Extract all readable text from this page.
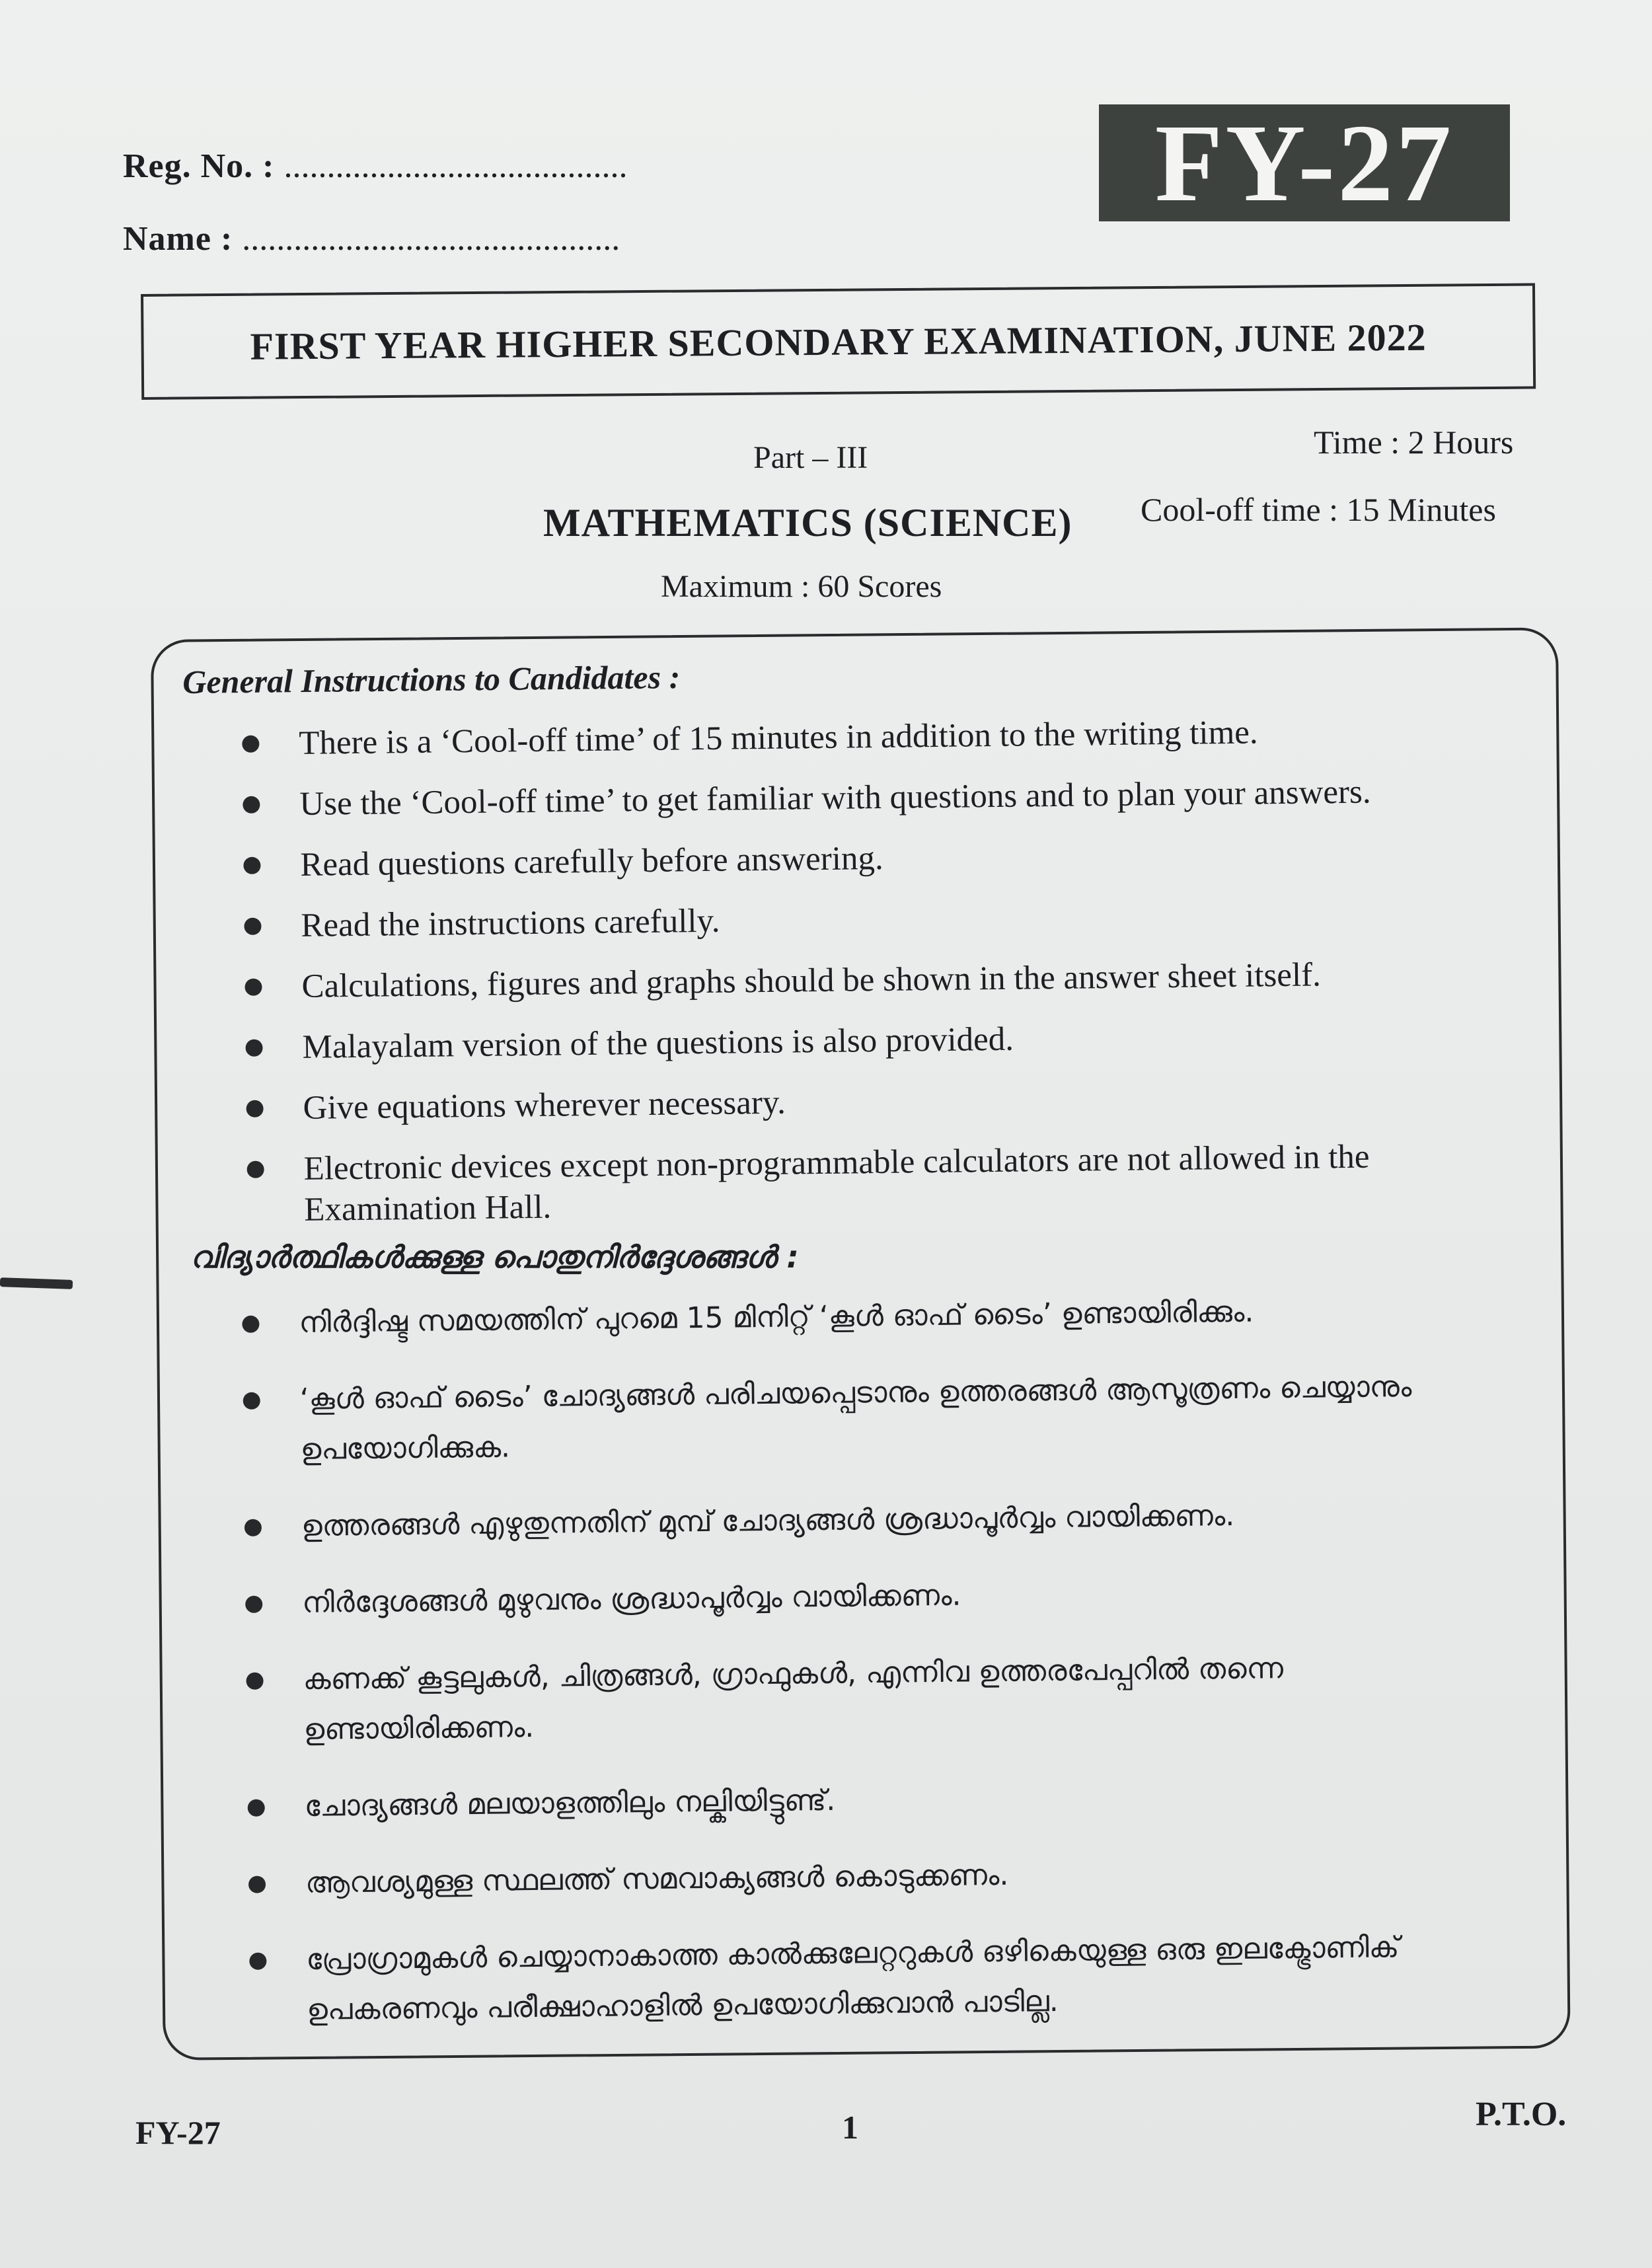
Reg. No. : ........................................
Name : ............................................
FY-27
FIRST YEAR HIGHER SECONDARY EXAMINATION, JUNE 2022
Part – III	Time : 2 Hours
MATHEMATICS (SCIENCE) Cool-off time : 15 Minutes
Maximum : 60 Scores
General Instructions to Candidates :
There is a ‘Cool-off time’ of 15 minutes in addition to the writing time.
Use the ‘Cool-off time’ to get familiar with questions and to plan your answers.
Read questions carefully before answering.
Read the instructions carefully.
Calculations, figures and graphs should be shown in the answer sheet itself.
Malayalam version of the questions is also provided.
Give equations wherever necessary.
Electronic devices except non-programmable calculators are not allowed in the Examination Hall.
വിദ്യാർത്ഥികൾക്കുള്ള പൊതുനിർദ്ദേശങ്ങൾ :
നിർദ്ദിഷ്ട സമയത്തിന് പുറമെ 15 മിനിറ്റ് ‘കൂൾ ഓഫ് ടൈം’ ഉണ്ടായിരിക്കും.
‘കൂൾ ഓഫ് ടൈം’ ചോദ്യങ്ങൾ പരിചയപ്പെടാനും ഉത്തരങ്ങൾ ആസൂത്രണം ചെയ്യാനും ഉപയോഗിക്കുക.
ഉത്തരങ്ങൾ എഴുതുന്നതിന് മുമ്പ് ചോദ്യങ്ങൾ ശ്രദ്ധാപൂർവ്വം വായിക്കണം.
നിർദ്ദേശങ്ങൾ മുഴുവനും ശ്രദ്ധാപൂർവ്വം വായിക്കണം.
കണക്ക് കൂട്ടലുകൾ, ചിത്രങ്ങൾ, ഗ്രാഫുകൾ, എന്നിവ ഉത്തരപേപ്പറിൽ തന്നെ ഉണ്ടായിരിക്കണം.
ചോദ്യങ്ങൾ മലയാളത്തിലും നല്കിയിട്ടുണ്ട്.
ആവശ്യമുള്ള സ്ഥലത്ത് സമവാക്യങ്ങൾ കൊടുക്കണം.
പ്രോഗ്രാമുകൾ ചെയ്യാനാകാത്ത കാൽക്കുലേറ്ററുകൾ ഒഴികെയുള്ള ഒരു ഇലക്ട്രോണിക് ഉപകരണവും പരീക്ഷാഹാളിൽ ഉപയോഗിക്കുവാൻ പാടില്ല.
FY-27	1	P.T.O.
